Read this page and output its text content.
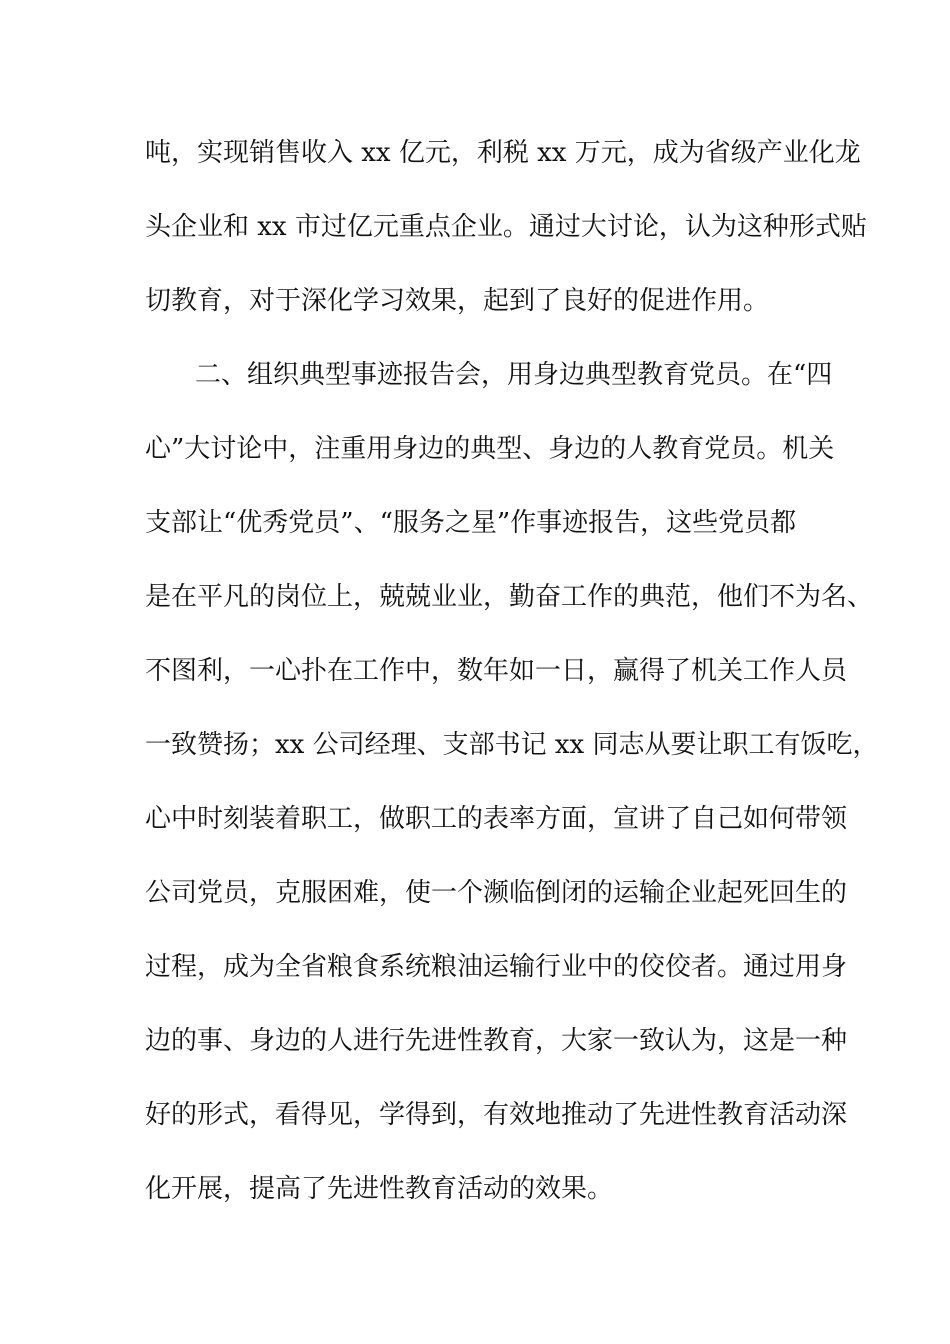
吨，实现销售收入 xx 亿元，利税 xx 万元，成为省级产业化龙
头企业和 xx 市过亿元重点企业。通过大讨论，认为这种形式贴
切教育，对于深化学习效果，起到了良好的促进作用。
二、组织典型事迹报告会，用身边典型教育党员。在“四
心”大讨论中，注重用身边的典型、身边的人教育党员。机关
支部让“优秀党员”、“服务之星”作事迹报告，这些党员都
是在平凡的岗位上，兢兢业业，勤奋工作的典范，他们不为名、
不图利，一心扑在工作中，数年如一日，赢得了机关工作人员
一致赞扬；xx 公司经理、支部书记 xx 同志从要让职工有饭吃，
心中时刻装着职工，做职工的表率方面，宣讲了自己如何带领
公司党员，克服困难，使一个濒临倒闭的运输企业起死回生的
过程，成为全省粮食系统粮油运输行业中的佼佼者。通过用身
边的事、身边的人进行先进性教育，大家一致认为，这是一种
好的形式，看得见，学得到，有效地推动了先进性教育活动深
化开展，提高了先进性教育活动的效果。
